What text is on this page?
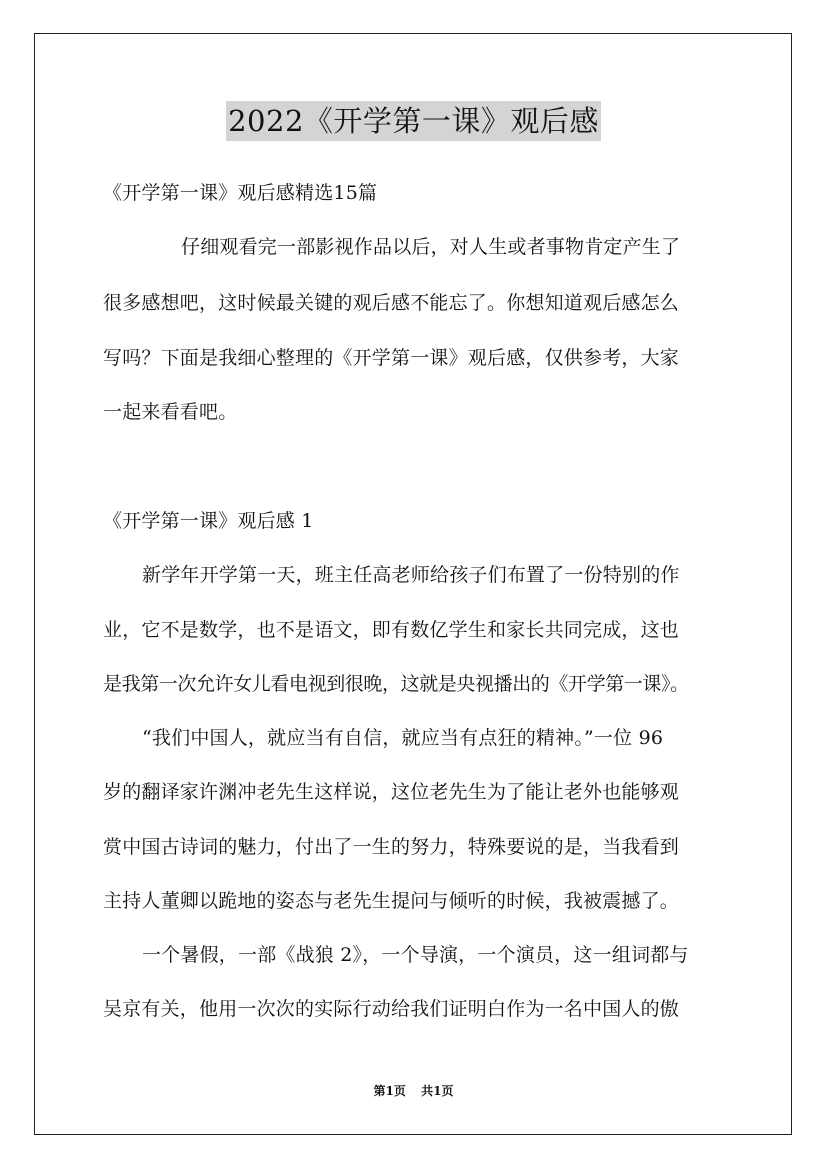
2022《开学第一课》观后感
《开学第一课》观后感精选15篇
仔细观看完一部影视作品以后，对人生或者事物肯定产生了
很多感想吧，这时候最关键的观后感不能忘了。你想知道观后感怎么
写吗？下面是我细心整理的《开学第一课》观后感，仅供参考，大家
一起来看看吧。
《开学第一课》观后感 1
新学年开学第一天，班主任高老师给孩子们布置了一份特别的作
业，它不是数学，也不是语文，即有数亿学生和家长共同完成，这也
是我第一次允许女儿看电视到很晚，这就是央视播出的《开学第一课》。
“我们中国人，就应当有自信，就应当有点狂的精神。”一位 96
岁的翻译家许渊冲老先生这样说，这位老先生为了能让老外也能够观
赏中国古诗词的魅力，付出了一生的努力，特殊要说的是，当我看到
主持人董卿以跪地的姿态与老先生提问与倾听的时候，我被震撼了。
一个暑假，一部《战狼 2》，一个导演，一个演员，这一组词都与
吴京有关，他用一次次的实际行动给我们证明白作为一名中国人的傲
第1页 共1页
